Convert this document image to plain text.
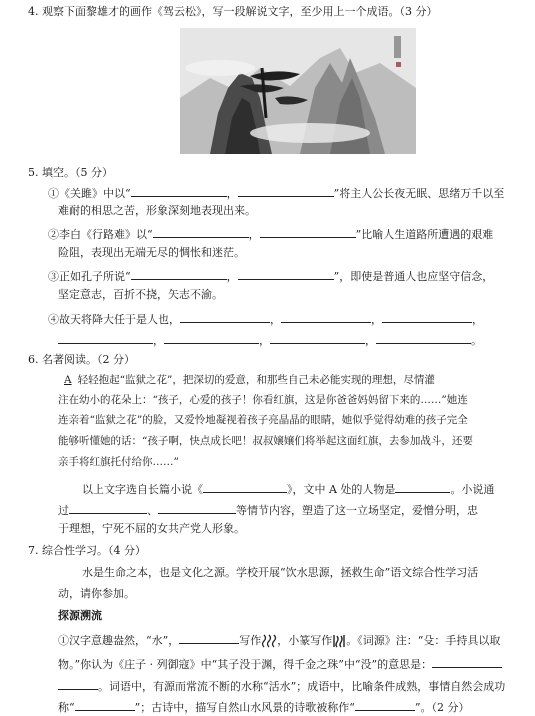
4. 观察下面黎雄才的画作《驾云松》，写一段解说文字，至少用上一个成语。（3 分）
5. 填空。（5 分）
①《关雎》中以“	，	”将主人公长夜无眠、思绪万千以至
难耐的相思之苦，形象深刻地表现出来。
②李白《行路难》以“	，	”比喻人生道路所遭遇的艰难
险阻，表现出无端无尽的惆怅和迷茫。
③正如孔子所说“	，	”，即使是普通人也应坚守信念，
坚定意志，百折不挠，矢志不渝。
④故天将降大任于是人也，	，	，	，
，	，	，	。
6. 名著阅读。（2 分）
A 轻轻抱起“监狱之花”，把深切的爱意，和那些自己未必能实现的理想，尽情灌
注在幼小的花朵上：“孩子，心爱的孩子！你看红旗，这是你爸爸妈妈留下来的……”她连
连亲着“监狱之花”的脸，又爱怜地凝视着孩子亮晶晶的眼睛，她似乎觉得幼难的孩子完全
能够听懂她的话：“孩子啊，快点成长吧！叔叔嬢嬢们将举起这面红旗，去参加战斗，还要
亲手将红旗托付给你……”
以上文字选自长篇小说《	》，文中 A 处的人物是	。小说通
过	、	等情节内容，塑造了这一立场坚定，爱憎分明，忠
于理想，宁死不屈的女共产党人形象。
7. 综合性学习。（4 分）
水是生命之本，也是文化之源。学校开展“饮水思源，拯救生命”语文综合性学习活
动，请你参加。
探源溯流
①汉字意趣盎然，“水”，	写作 ，小篆写作 。《词源》注：“殳：手持具以取
物。”你认为《庄子 · 列御寇》中“其子没于渊，得千金之珠”中“没”的意思是：
。词语中，有源而常流不断的水称“活水”；成语中，比喻条件成熟，事情自然会成功
称“	”；古诗中，描写自然山水风景的诗歌被称作“	”。（2 分）
